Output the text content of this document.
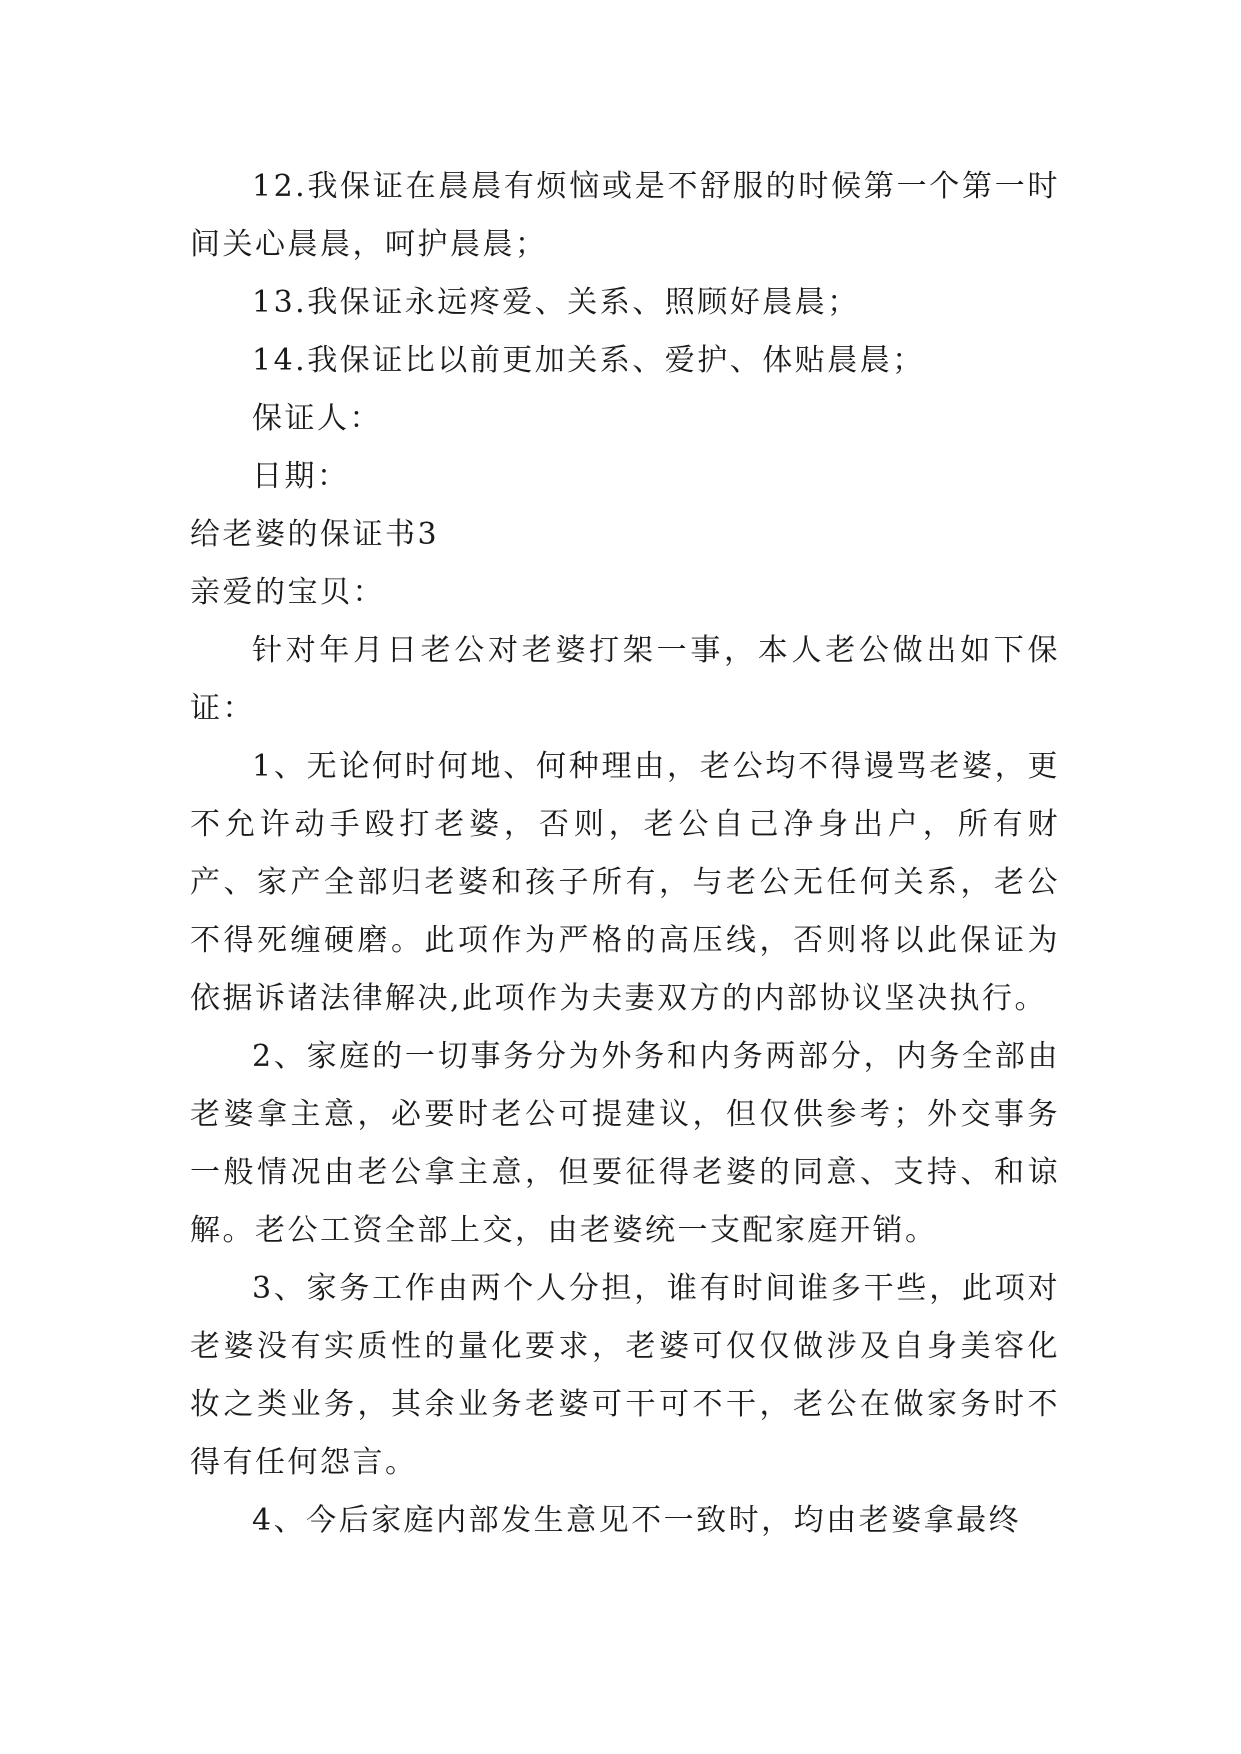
12.我保证在晨晨有烦恼或是不舒服的时候第一个第一时间关心晨晨，呵护晨晨；

13.我保证永远疼爱、关系、照顾好晨晨；

14.我保证比以前更加关系、爱护、体贴晨晨；

保证人：

日期：

给老婆的保证书3

亲爱的宝贝：

针对年月日老公对老婆打架一事，本人老公做出如下保证：

1、无论何时何地、何种理由，老公均不得谩骂老婆，更不允许动手殴打老婆，否则，老公自己净身出户，所有财产、家产全部归老婆和孩子所有，与老公无任何关系，老公不得死缠硬磨。此项作为严格的高压线，否则将以此保证为依据诉诸法律解决,此项作为夫妻双方的内部协议坚决执行。

2、家庭的一切事务分为外务和内务两部分，内务全部由老婆拿主意，必要时老公可提建议，但仅供参考；外交事务一般情况由老公拿主意，但要征得老婆的同意、支持、和谅解。老公工资全部上交，由老婆统一支配家庭开销。

3、家务工作由两个人分担，谁有时间谁多干些，此项对老婆没有实质性的量化要求，老婆可仅仅做涉及自身美容化妆之类业务，其余业务老婆可干可不干，老公在做家务时不得有任何怨言。

4、今后家庭内部发生意见不一致时，均由老婆拿最终
